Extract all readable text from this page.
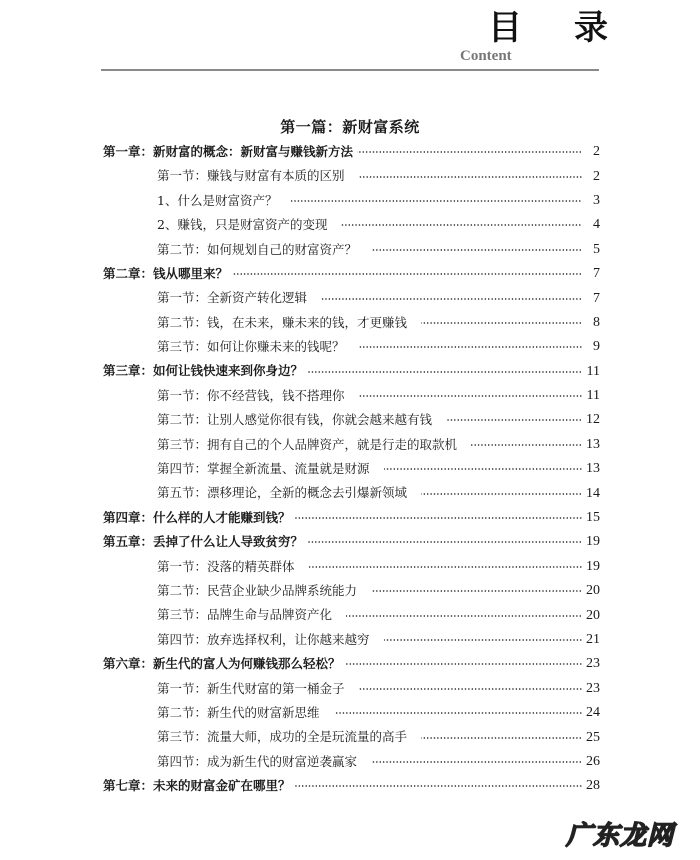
目 录
Content
第一篇：新财富系统
第一章：新财富的概念：新财富与赚钱新方法	2
第一节：赚钱与财富有本质的区别	2
1、什么是财富资产？	3
2、赚钱，只是财富资产的变现	4
第二节：如何规划自己的财富资产？	5
第二章：钱从哪里来？	7
第一节：全新资产转化逻辑	7
第二节：钱，在未来，赚未来的钱，才更赚钱	8
第三节：如何让你赚未来的钱呢？	9
第三章：如何让钱快速来到你身边？	11
第一节：你不经营钱，钱不搭理你	11
第二节：让别人感觉你很有钱，你就会越来越有钱	12
第三节：拥有自己的个人品牌资产，就是行走的取款机	13
第四节：掌握全新流量、流量就是财源	13
第五节：漂移理论，全新的概念去引爆新领域	14
第四章：什么样的人才能赚到钱？	15
第五章：丢掉了什么让人导致贫穷？	19
第一节：没落的精英群体	19
第二节：民营企业缺少品牌系统能力	20
第三节：品牌生命与品牌资产化	20
第四节：放弃选择权利，让你越来越穷	21
第六章：新生代的富人为何赚钱那么轻松？	23
第一节：新生代财富的第一桶金子	23
第二节：新生代的财富新思维	24
第三节：流量大师，成功的全是玩流量的高手	25
第四节：成为新生代的财富逆袭赢家	26
第七章：未来的财富金矿在哪里？	28
广东龙网
